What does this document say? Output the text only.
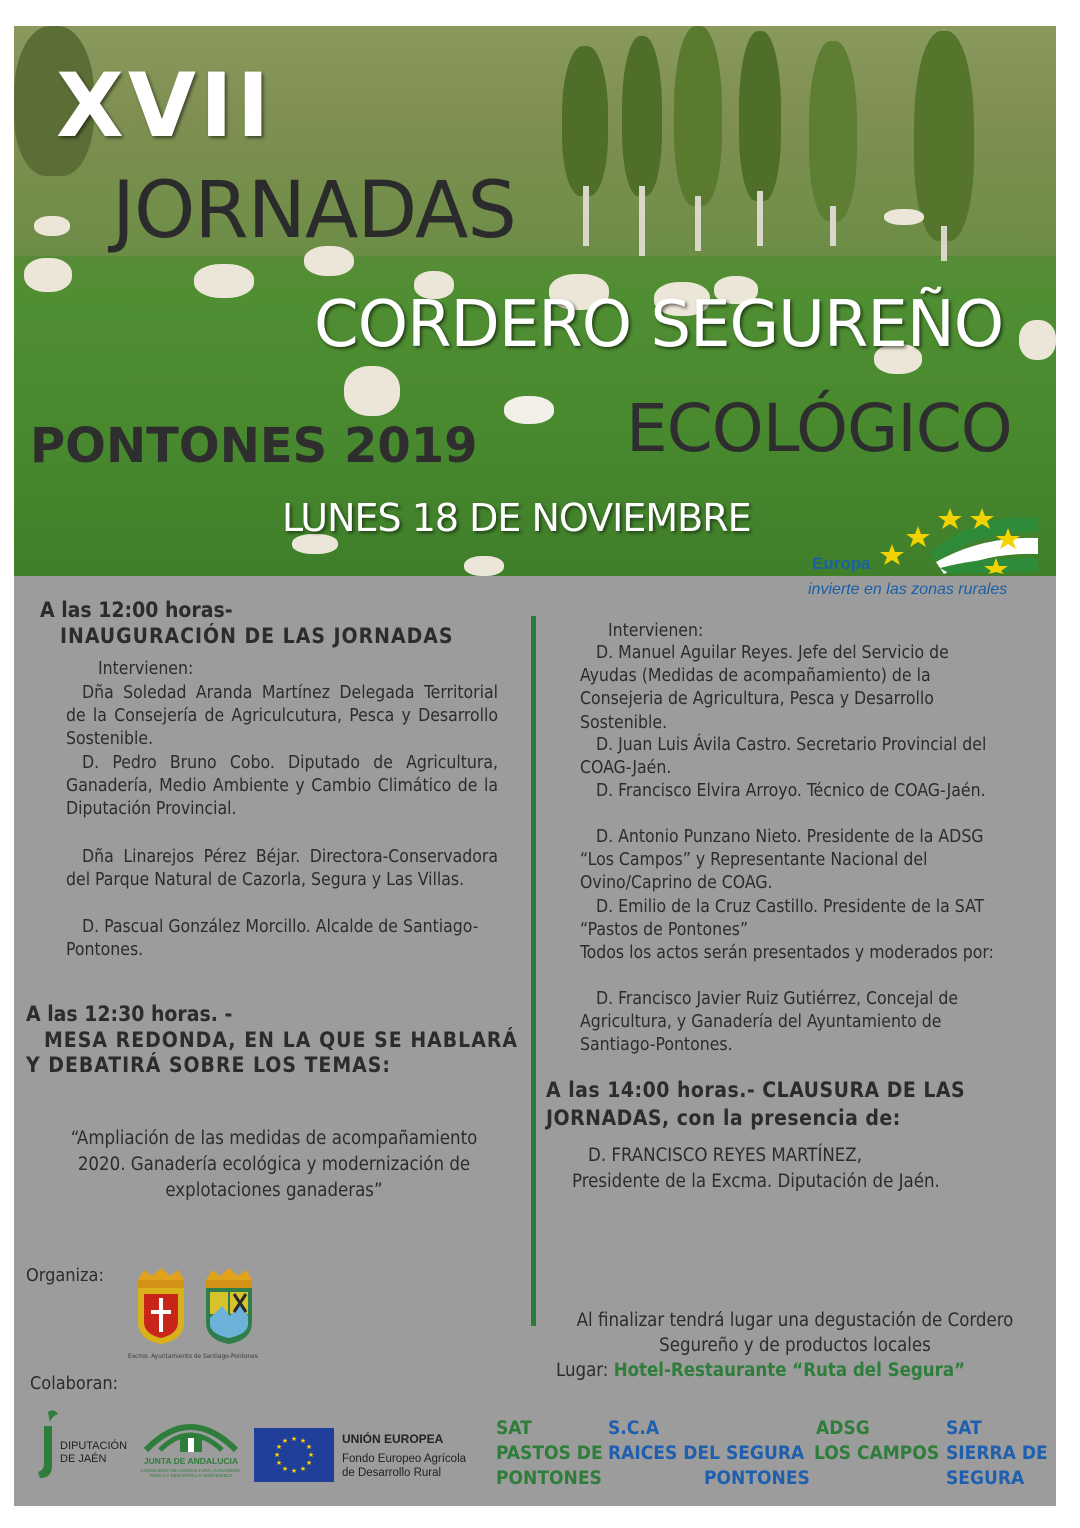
XVII
JORNADAS
CORDERO SEGUREÑO
ECOLÓGICO
PONTONES 2019
LUNES 18 DE NOVIEMBRE
Europa
invierte en las zonas rurales
A las 12:00 horas-
INAUGURACIÓN DE LAS JORNADAS
Intervienen:
Dña Soledad Aranda Martínez Delegada Territorial de la Consejería de Agriculcutura, Pesca y Desarrollo Sostenible.
D. Pedro Bruno Cobo. Diputado de Agricultura, Ganadería, Medio Ambiente y Cambio Climático de la Diputación Provincial.
Dña Linarejos Pérez Béjar. Directora-Conservadora del Parque Natural de Cazorla, Segura y Las Villas.
D. Pascual González Morcillo. Alcalde de Santiago-Pontones.
A las 12:30 horas. -
MESA REDONDA, EN LA QUE SE HABLARÁ Y DEBATIRÁ SOBRE LOS TEMAS:
“Ampliación de las medidas de acompañamiento 2020. Ganadería ecológica y modernización de explotaciones ganaderas”
Organiza:
Excmo. Ayuntamiento de Santiago-Pontones
Colaboran:
Intervienen:
D. Manuel Aguilar Reyes. Jefe del Servicio de Ayudas (Medidas de acompañamiento) de la Consejeria de Agricultura, Pesca y Desarrollo Sostenible.
D. Juan Luis Ávila Castro. Secretario Provincial del COAG-Jaén.
D. Francisco Elvira Arroyo. Técnico de COAG-Jaén.
D. Antonio Punzano Nieto. Presidente de la ADSG “Los Campos” y Representante Nacional del Ovino/Caprino de COAG.
D. Emilio de la Cruz Castillo. Presidente de la SAT “Pastos de Pontones”
Todos los actos serán presentados y moderados por:
D. Francisco Javier Ruiz Gutiérrez, Concejal de Agricultura, y Ganadería del Ayuntamiento de Santiago-Pontones.
A las 14:00 horas.- CLAUSURA DE LAS JORNADAS, con la presencia de:
D. FRANCISCO REYES MARTÍNEZ,
Presidente de la Excma. Diputación de Jaén.
Al finalizar tendrá lugar una degustación de Cordero Segureño y de productos locales
Lugar: Hotel-Restaurante “Ruta del Segura”
DIPUTACIÓN
DE JAÉN	JUNTA DE ANDALUCIA
CONSEJERÍA DE AGRICULTURA, GANADERÍA, PESCA Y DESARROLLO SOSTENIBLE
★ ★
★
★
★
★
★
★
★
★
★
★	UNIÓN EUROPEA
Fondo Europeo Agrícola
de Desarrollo Rural
SAT
PASTOS DE
PONTONES
S.C.A
RAICES DEL SEGURA
PONTONES
ADSG
LOS CAMPOS
SAT
SIERRA DE
SEGURA
